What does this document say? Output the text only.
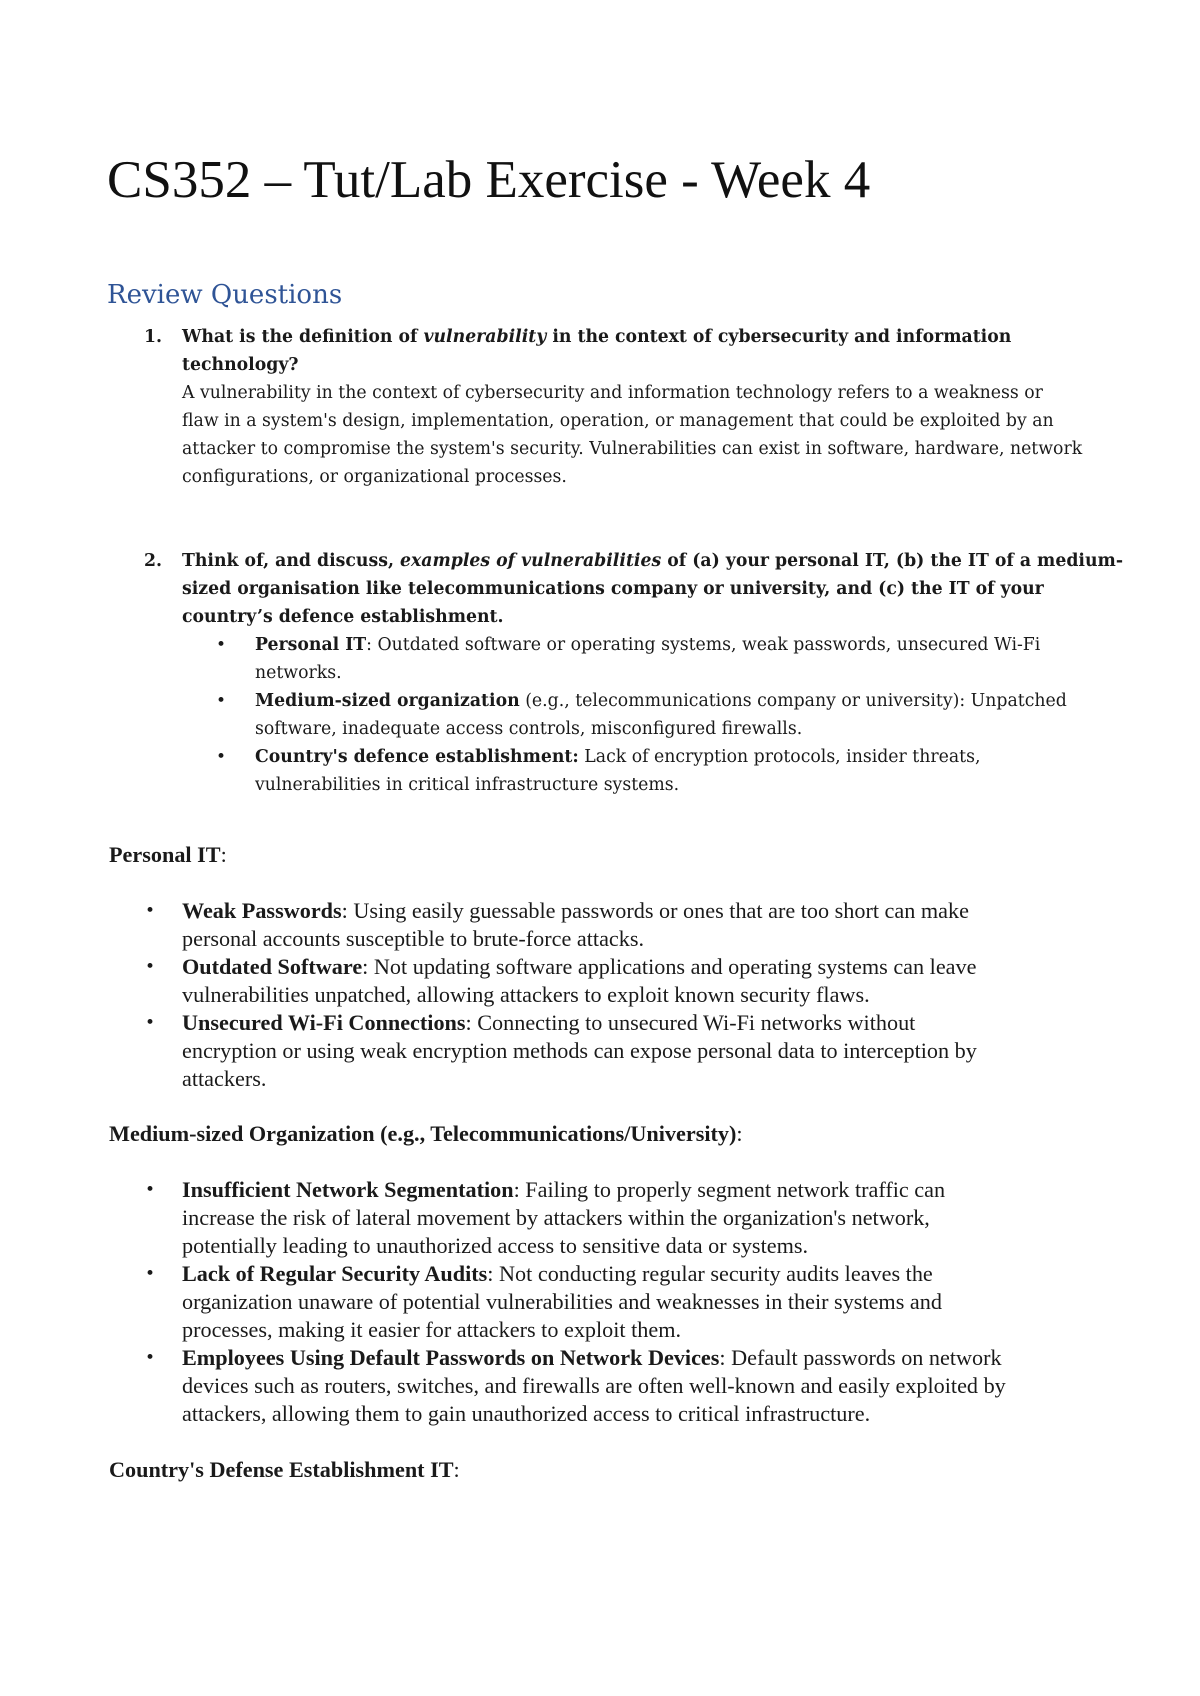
CS352 – Tut/Lab Exercise - Week 4
Review Questions
1. What is the definition of vulnerability in the context of cybersecurity and information
technology?
A vulnerability in the context of cybersecurity and information technology refers to a weakness or
flaw in a system's design, implementation, operation, or management that could be exploited by an
attacker to compromise the system's security. Vulnerabilities can exist in software, hardware, network
configurations, or organizational processes.
2. Think of, and discuss, examples of vulnerabilities of (a) your personal IT, (b) the IT of a medium-
sized organisation like telecommunications company or university, and (c) the IT of your
country’s defence establishment.
• Personal IT: Outdated software or operating systems, weak passwords, unsecured Wi-Fi
networks.
• Medium-sized organization (e.g., telecommunications company or university): Unpatched
software, inadequate access controls, misconfigured firewalls.
• Country's defence establishment: Lack of encryption protocols, insider threats,
vulnerabilities in critical infrastructure systems.
Personal IT:
• Weak Passwords: Using easily guessable passwords or ones that are too short can make
personal accounts susceptible to brute-force attacks.
• Outdated Software: Not updating software applications and operating systems can leave
vulnerabilities unpatched, allowing attackers to exploit known security flaws.
• Unsecured Wi-Fi Connections: Connecting to unsecured Wi-Fi networks without
encryption or using weak encryption methods can expose personal data to interception by
attackers.
Medium-sized Organization (e.g., Telecommunications/University):
• Insufficient Network Segmentation: Failing to properly segment network traffic can
increase the risk of lateral movement by attackers within the organization's network,
potentially leading to unauthorized access to sensitive data or systems.
• Lack of Regular Security Audits: Not conducting regular security audits leaves the
organization unaware of potential vulnerabilities and weaknesses in their systems and
processes, making it easier for attackers to exploit them.
• Employees Using Default Passwords on Network Devices: Default passwords on network
devices such as routers, switches, and firewalls are often well-known and easily exploited by
attackers, allowing them to gain unauthorized access to critical infrastructure.
Country's Defense Establishment IT:
